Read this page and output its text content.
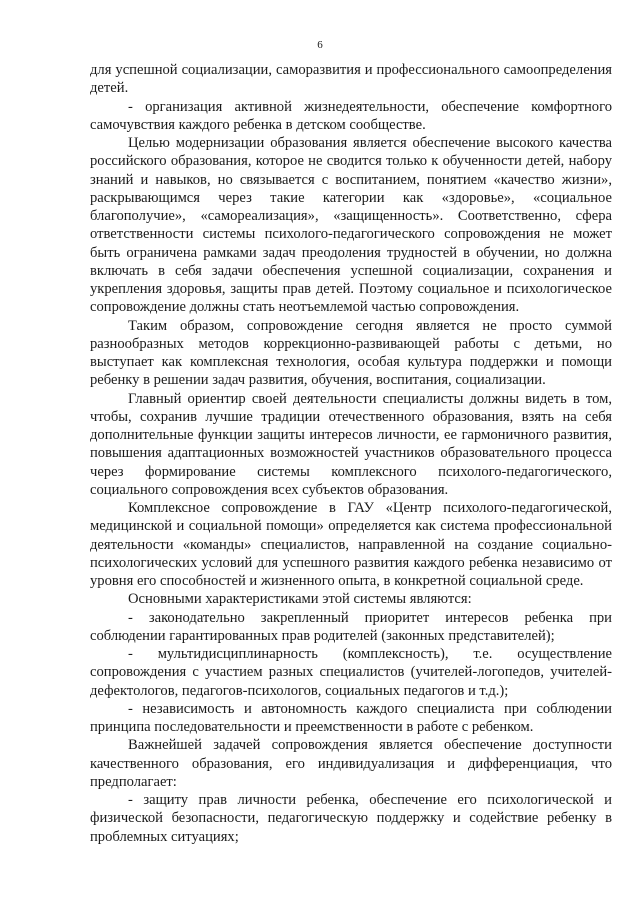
6

для успешной социализации, саморазвития и профессионального самоопределения детей.

- организация активной жизнедеятельности, обеспечение комфортного самочувствия каждого ребенка в детском сообществе.

Целью модернизации образования является обеспечение высокого качества российского образования, которое не сводится только к обученности детей, набору знаний и навыков, но связывается с воспитанием, понятием «качество жизни», раскрывающимся через такие категории как «здоровье», «социальное благополучие», «самореализация», «защищенность». Соответственно, сфера ответственности системы психолого-педагогического сопровождения не может быть ограничена рамками задач преодоления трудностей в обучении, но должна включать в себя задачи обеспечения успешной социализации, сохранения и укрепления здоровья, защиты прав детей. Поэтому социальное и психологическое сопровождение должны стать неотъемлемой частью сопровождения.

Таким образом, сопровождение сегодня является не просто суммой разнообразных методов коррекционно-развивающей работы с детьми, но выступает как комплексная технология, особая культура поддержки и помощи ребенку в решении задач развития, обучения, воспитания, социализации.

Главный ориентир своей деятельности специалисты должны видеть в том, чтобы, сохранив лучшие традиции отечественного образования, взять на себя дополнительные функции защиты интересов личности, ее гармоничного развития, повышения адаптационных возможностей участников образовательного процесса через формирование системы комплексного психолого-педагогического, социального сопровождения всех субъектов образования.

Комплексное сопровождение в ГАУ «Центр психолого-педагогической, медицинской и социальной помощи» определяется как система профессиональной деятельности «команды» специалистов, направленной на создание социально-психологических условий для успешного развития каждого ребенка независимо от уровня его способностей и жизненного опыта, в конкретной социальной среде.

Основными характеристиками этой системы являются:

- законодательно закрепленный приоритет интересов ребенка при соблюдении гарантированных прав родителей (законных представителей);

- мультидисциплинарность (комплексность), т.е. осуществление сопровождения с участием разных специалистов (учителей-логопедов, учителей-дефектологов, педагогов-психологов, социальных педагогов и т.д.);

- независимость и автономность каждого специалиста при соблюдении принципа последовательности и преемственности в работе с ребенком.

Важнейшей задачей сопровождения является обеспечение доступности качественного образования, его индивидуализация и дифференциация, что предполагает:

- защиту прав личности ребенка, обеспечение его психологической и физической безопасности, педагогическую поддержку и содействие ребенку в проблемных ситуациях;
